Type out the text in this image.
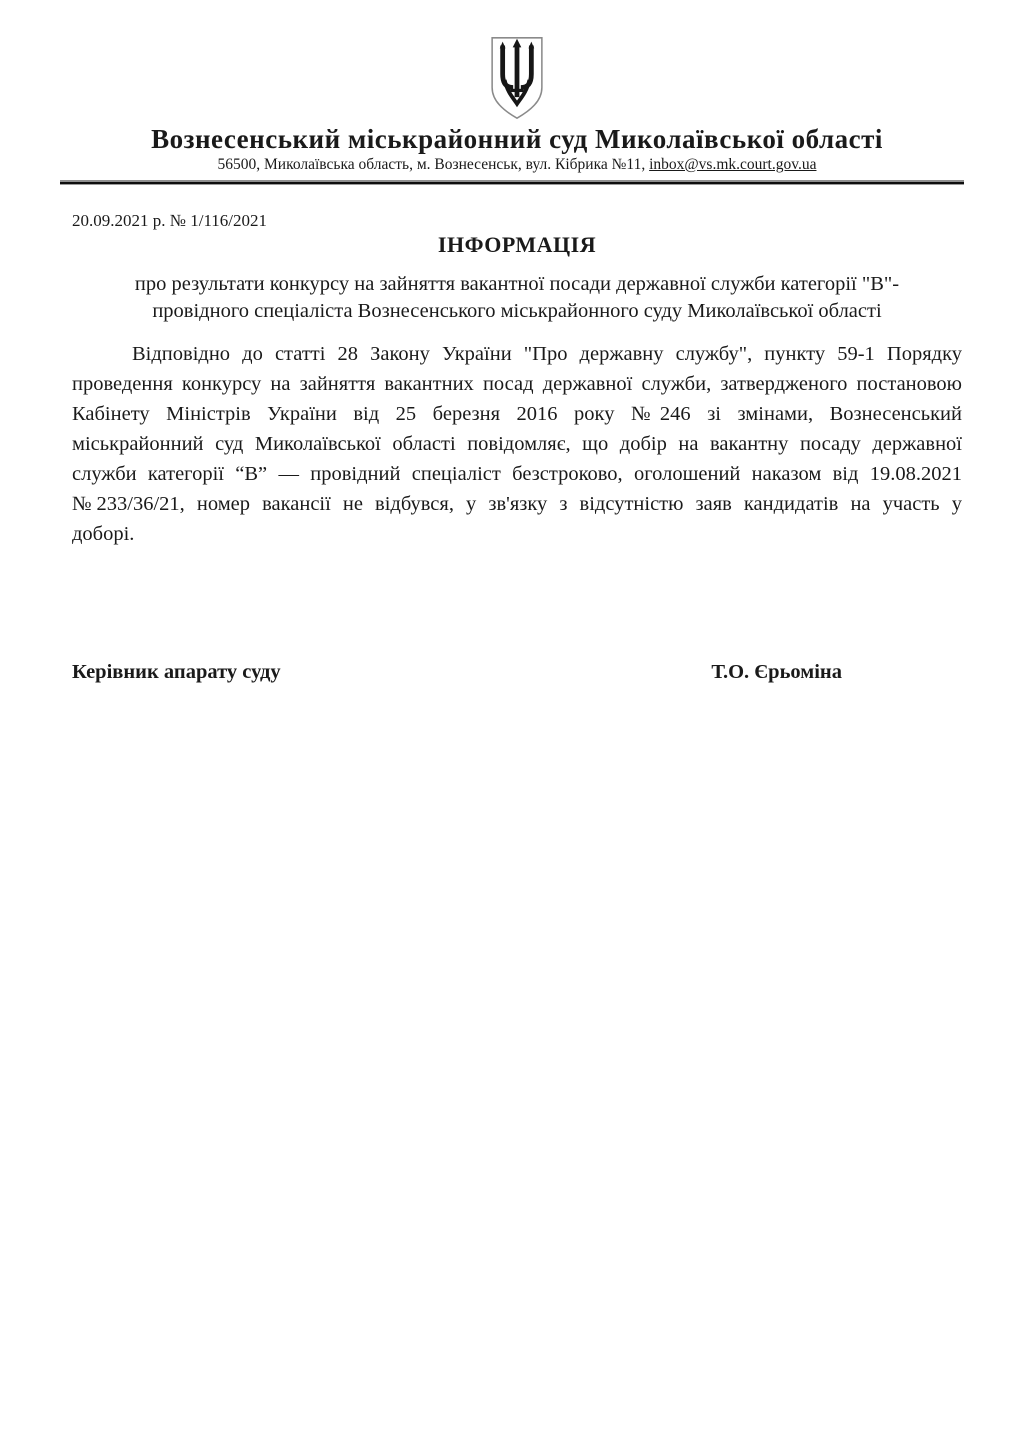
Вознесенський міськрайонний суд Миколаївської області
56500, Миколаївська область, м. Вознесенськ, вул. Кібрика №11, inbox@vs.mk.court.gov.ua
20.09.2021 р. № 1/116/2021
ІНФОРМАЦІЯ
про результати конкурсу на зайняття вакантної посади державної служби категорії "В"- провідного спеціаліста Вознесенського міськрайонного суду Миколаївської області
Відповідно до статті 28 Закону України "Про державну службу", пункту 59-1 Порядку проведення конкурсу на зайняття вакантних посад державної служби, затвердженого постановою Кабінету Міністрів України від 25 березня 2016 року №246 зі змінами, Вознесенський міськрайонний суд Миколаївської області повідомляє, що добір на вакантну посаду державної служби категорії “В” — провідний спеціаліст безстроково, оголошений наказом від 19.08.2021 №233/36/21, номер вакансії не відбувся, у зв'язку з відсутністю заяв кандидатів на участь у доборі.
Керівник апарату суду	Т.О. Єрьоміна
